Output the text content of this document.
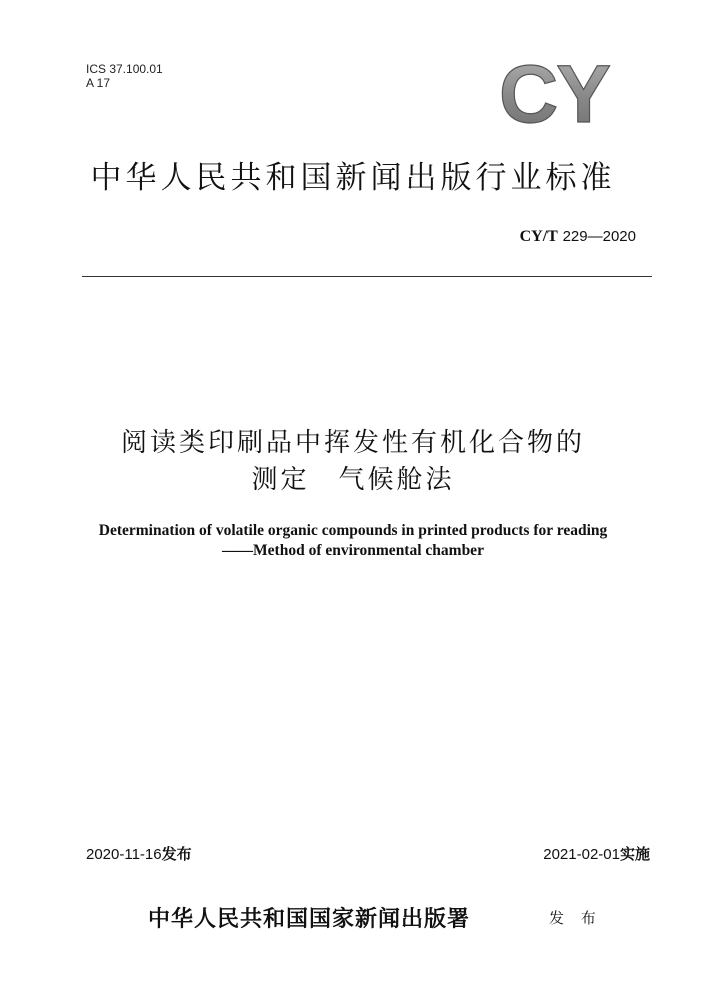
ICS 37.100.01
A 17	CY
中华人民共和国新闻出版行业标准
CY/T 229—2020
阅读类印刷品中挥发性有机化合物的
测定　气候舱法
Determination of volatile organic compounds in printed products for reading
——Method of environmental chamber
2020-11-16发布	2021-02-01实施
中华人民共和国国家新闻出版署	发 布
